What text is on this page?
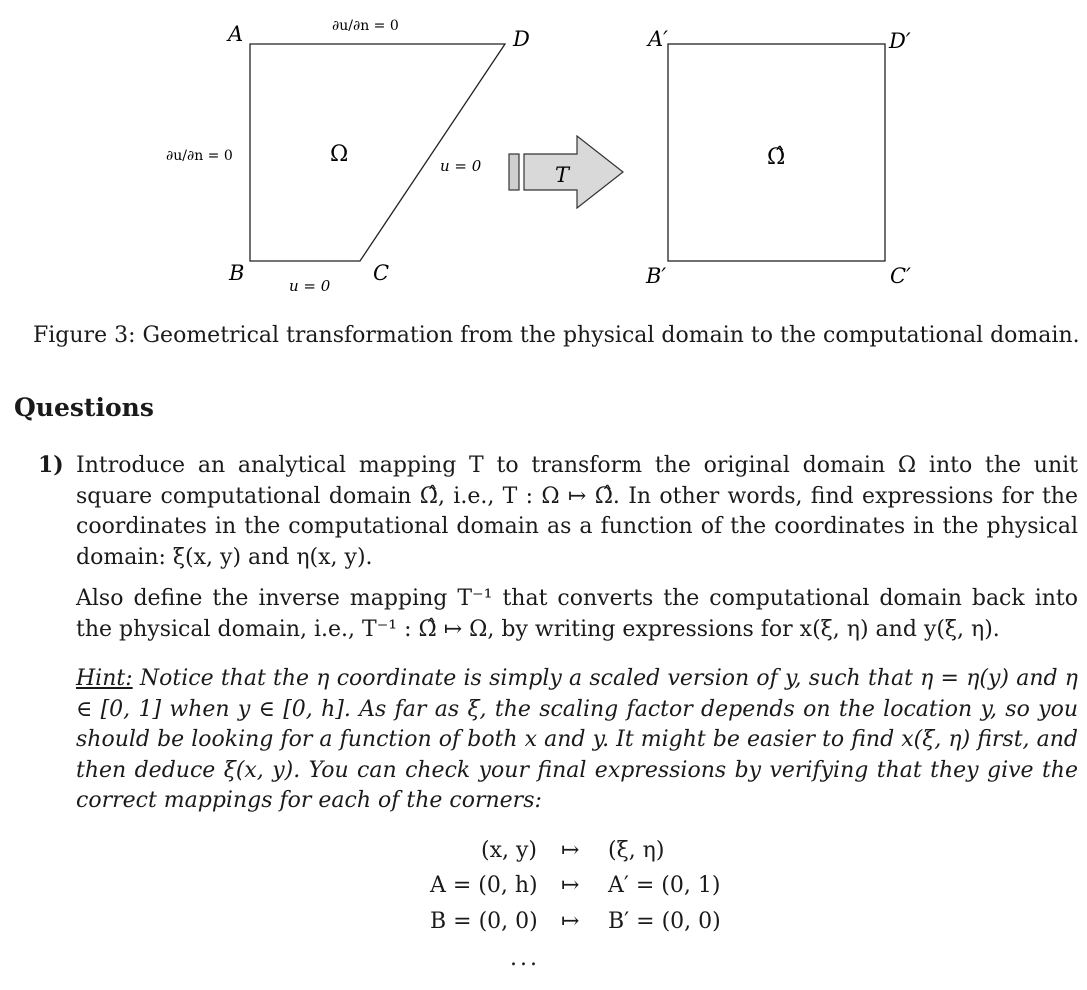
A	D
B	C
Ω
∂u/∂n = 0
∂u/∂n = 0
u = 0
u = 0
T
A′	D′
B′	C′
Ω̂
Figure 3: Geometrical transformation from the physical domain to the computational domain.
Questions
1) Introduce an analytical mapping T to transform the original domain Ω into the unit square computational domain Ω̂, i.e., T : Ω ↦ Ω̂. In other words, find expressions for the coordinates in the computational domain as a function of the coordinates in the physical domain: ξ(x, y) and η(x, y).
Also define the inverse mapping T⁻¹ that converts the computational domain back into the physical domain, i.e., T⁻¹ : Ω̂ ↦ Ω, by writing expressions for x(ξ, η) and y(ξ, η).
Hint: Notice that the η coordinate is simply a scaled version of y, such that η = η(y) and η ∈ [0, 1] when y ∈ [0, h]. As far as ξ, the scaling factor depends on the location y, so you should be looking for a function of both x and y. It might be easier to find x(ξ, η) first, and then deduce ξ(x, y). You can check your final expressions by verifying that they give the correct mappings for each of the corners:
(x, y) ↦ (ξ, η)
A = (0, h) ↦ A′ = (0, 1)
B = (0, 0) ↦ B′ = (0, 0)
...
